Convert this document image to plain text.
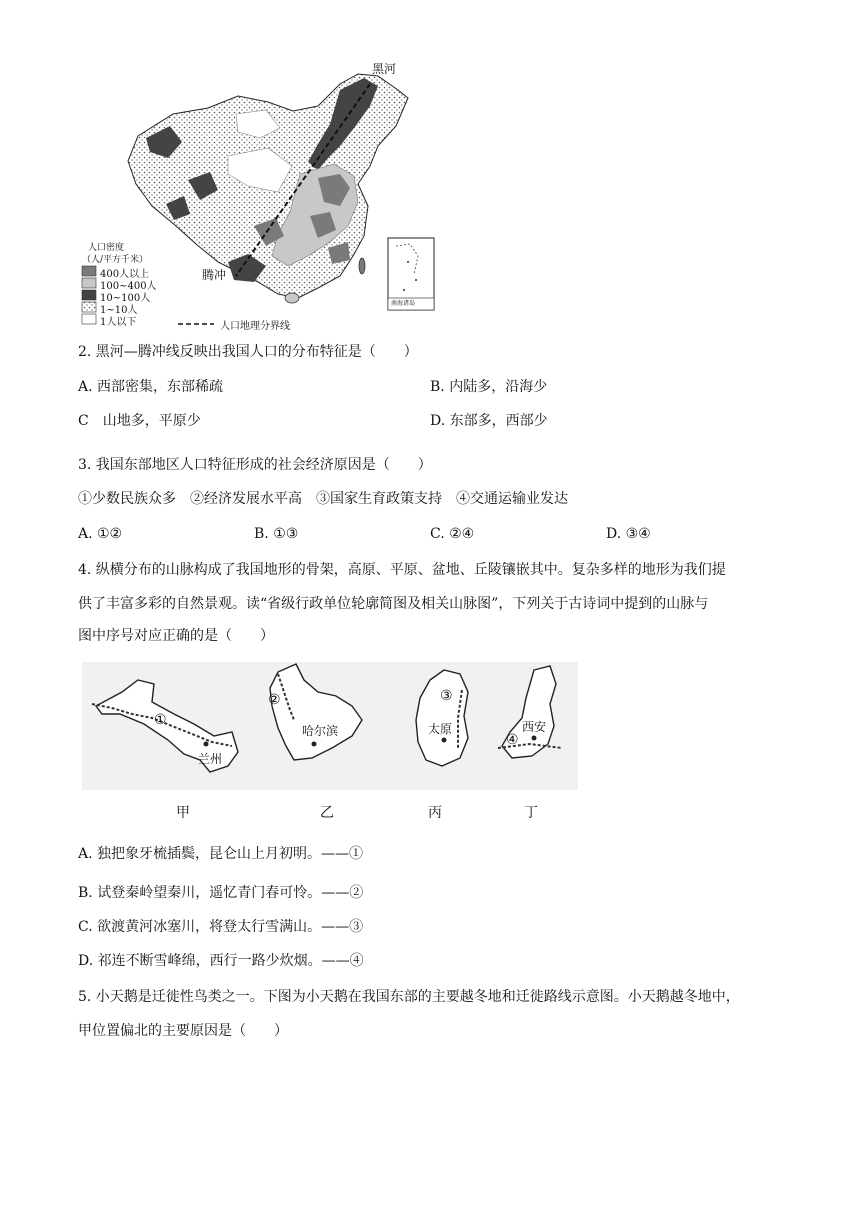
黑河
腾冲
人口密度
（人/平方千米）
400人以上
100~400人
10~100人
1~10人
1人以下	人口地理分界线
南海诸岛
2. 黑河—腾冲线反映出我国人口的分布特征是（　　）
A. 西部密集，东部稀疏	B. 内陆多，沿海少
C　山地多，平原少	D. 东部多，西部少
3. 我国东部地区人口特征形成的社会经济原因是（　　）
①少数民族众多　②经济发展水平高　③国家生育政策支持　④交通运输业发达
A. ①②	B. ①③	C. ②④	D. ③④
4. 纵横分布的山脉构成了我国地形的骨架，高原、平原、盆地、丘陵镶嵌其中。复杂多样的地形为我们提
供了丰富多彩的自然景观。读“省级行政单位轮廓简图及相关山脉图”，下列关于古诗词中提到的山脉与
图中序号对应正确的是（　　）
①
②	③
④
兰州
哈尔滨	太原	西安
甲	乙	丙	丁
A. 独把象牙梳插鬓，昆仑山上月初明。——①
B. 试登秦岭望秦川，遥忆青门春可怜。——②
C. 欲渡黄河冰塞川，将登太行雪满山。——③
D. 祁连不断雪峰绵，西行一路少炊烟。——④
5. 小天鹅是迁徙性鸟类之一。下图为小天鹅在我国东部的主要越冬地和迁徙路线示意图。小天鹅越冬地中，
甲位置偏北的主要原因是（　　）
